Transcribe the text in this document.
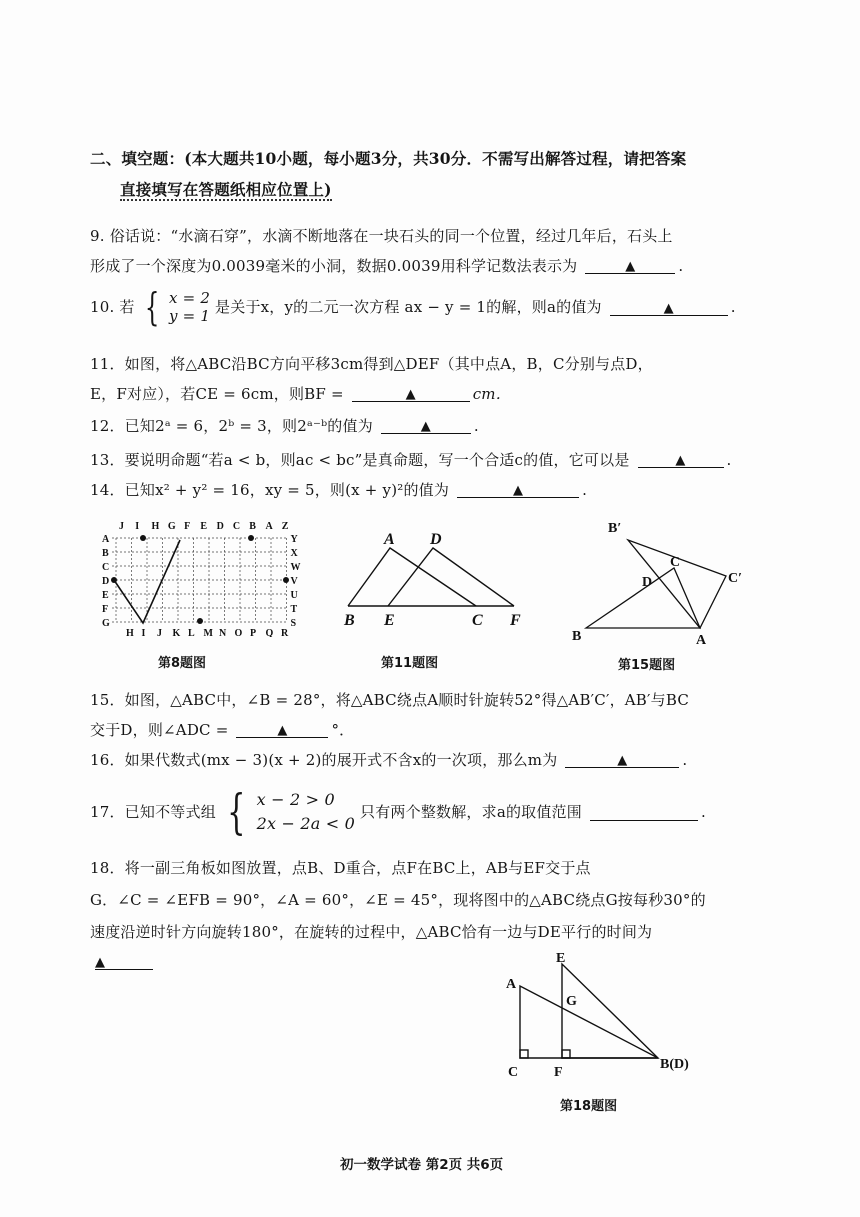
二、填空题：(本大题共10小题，每小题3分，共30分．不需写出解答过程，请把答案
直接填写在答题纸相应位置上)
9. 俗话说：“水滴石穿”，水滴不断地落在一块石头的同一个位置，经过几年后，石头上
形成了一个深度为0.0039毫米的小洞，数据0.0039用科学记数法表示为	▲	.
10. 若 { x = 2
y = 1 是关于x，y的二元一次方程 ax − y = 1的解，则a的值为	▲	.
11．如图，将△ABC沿BC方向平移3cm得到△DEF（其中点A，B，C分别与点D，
E，F对应），若CE = 6cm，则BF =	▲	cm．
12．已知2ᵃ = 6，2ᵇ = 3，则2ᵃ⁻ᵇ的值为	▲	.
13．要说明命题“若a < b，则ac < bc”是真命题，写一个合适c的值，它可以是	▲	.
14．已知x² + y² = 16，xy = 5，则(x + y)²的值为	▲	.
J I H G F E D C B A Z
A
B
C
D
E
F
G
Y
X
W
V
U
T
S
H I J K L M N O P Q R
第8题图
A D
B E	C F
第11题图
B′
C
D	C′
B	A
第15题图
15．如图，△ABC中，∠B = 28°，将△ABC绕点A顺时针旋转52°得△AB′C′，AB′与BC
交于D，则∠ADC =	▲	°．
16．如果代数式(mx − 3)(x + 2)的展开式不含x的一次项，那么m为	▲	.
17．已知不等式组 { x − 2 > 0
2x − 2a < 0 只有两个整数解，求a的取值范围	.
18．将一副三角板如图放置，点B、D重合，点F在BC上，AB与EF交于点
G．∠C = ∠EFB = 90°，∠A = 60°，∠E = 45°，现将图中的△ABC绕点G按每秒30°的
速度沿逆时针方向旋转180°，在旋转的过程中，△ABC恰有一边与DE平行的时间为
▲	E
A
G
C	F
B(D)
第18题图
初一数学试卷 第2页 共6页
